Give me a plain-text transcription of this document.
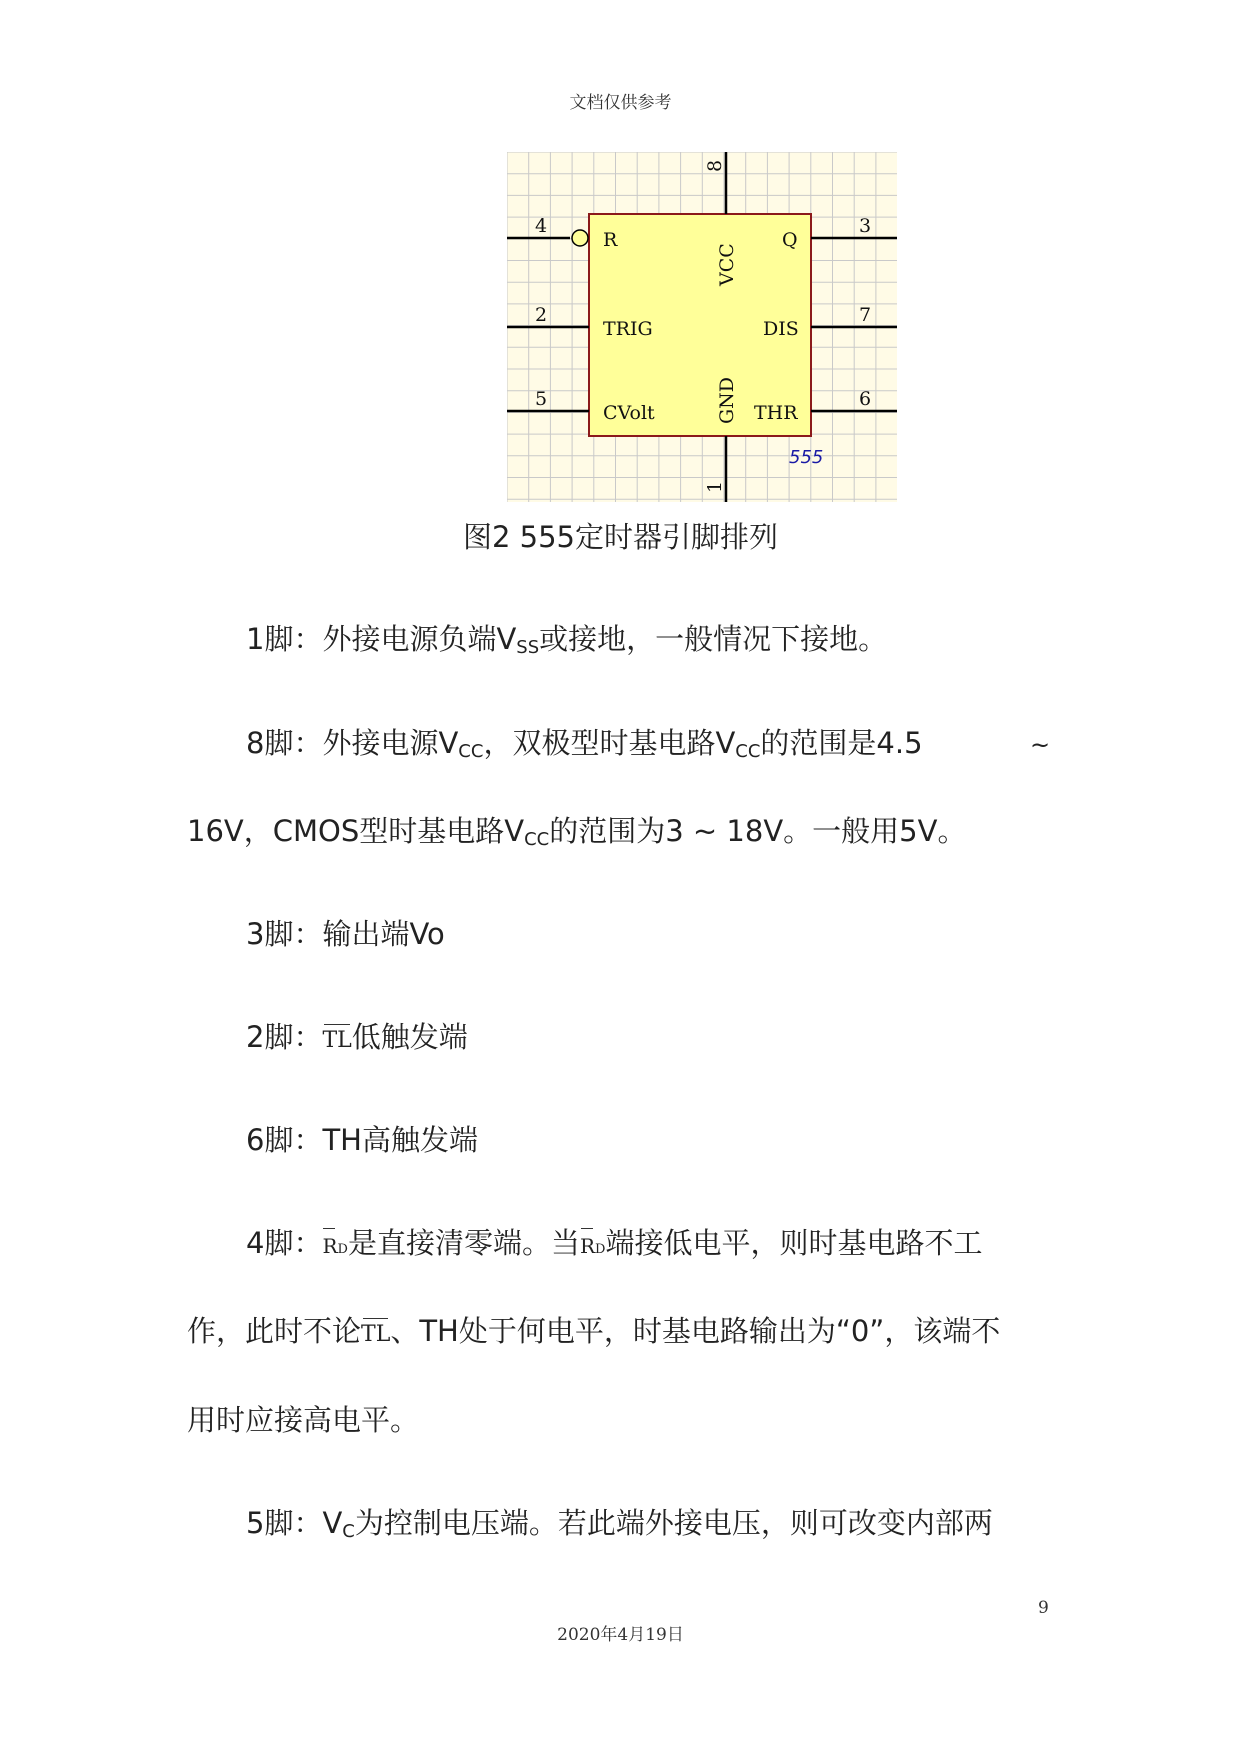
文档仅供参考
4
2
5
3
7
6
8
1
R
TRIG
CVolt
Q
DIS
THR
VCC
GND
555
图2 555定时器引脚排列
1脚：外接电源负端$V_{SS}$或接地，一般情况下接地。
8脚：外接电源$V_{CC}$，双极型时基电路$V_{CC}$的范围是4.5	~
16V，CMOS型时基电路$V_{CC}$的范围为3 ~ 18V。一般用5V。
3脚：输出端Vo
2脚：TL低触发端
6脚：TH高触发端
4脚：RD是直接清零端。当RD端接低电平，则时基电路不工
作，此时不论TL、TH处于何电平，时基电路输出为“0”，该端不
用时应接高电平。
5脚：$V_C$为控制电压端。若此端外接电压，则可改变内部两
9
2020年4月19日
